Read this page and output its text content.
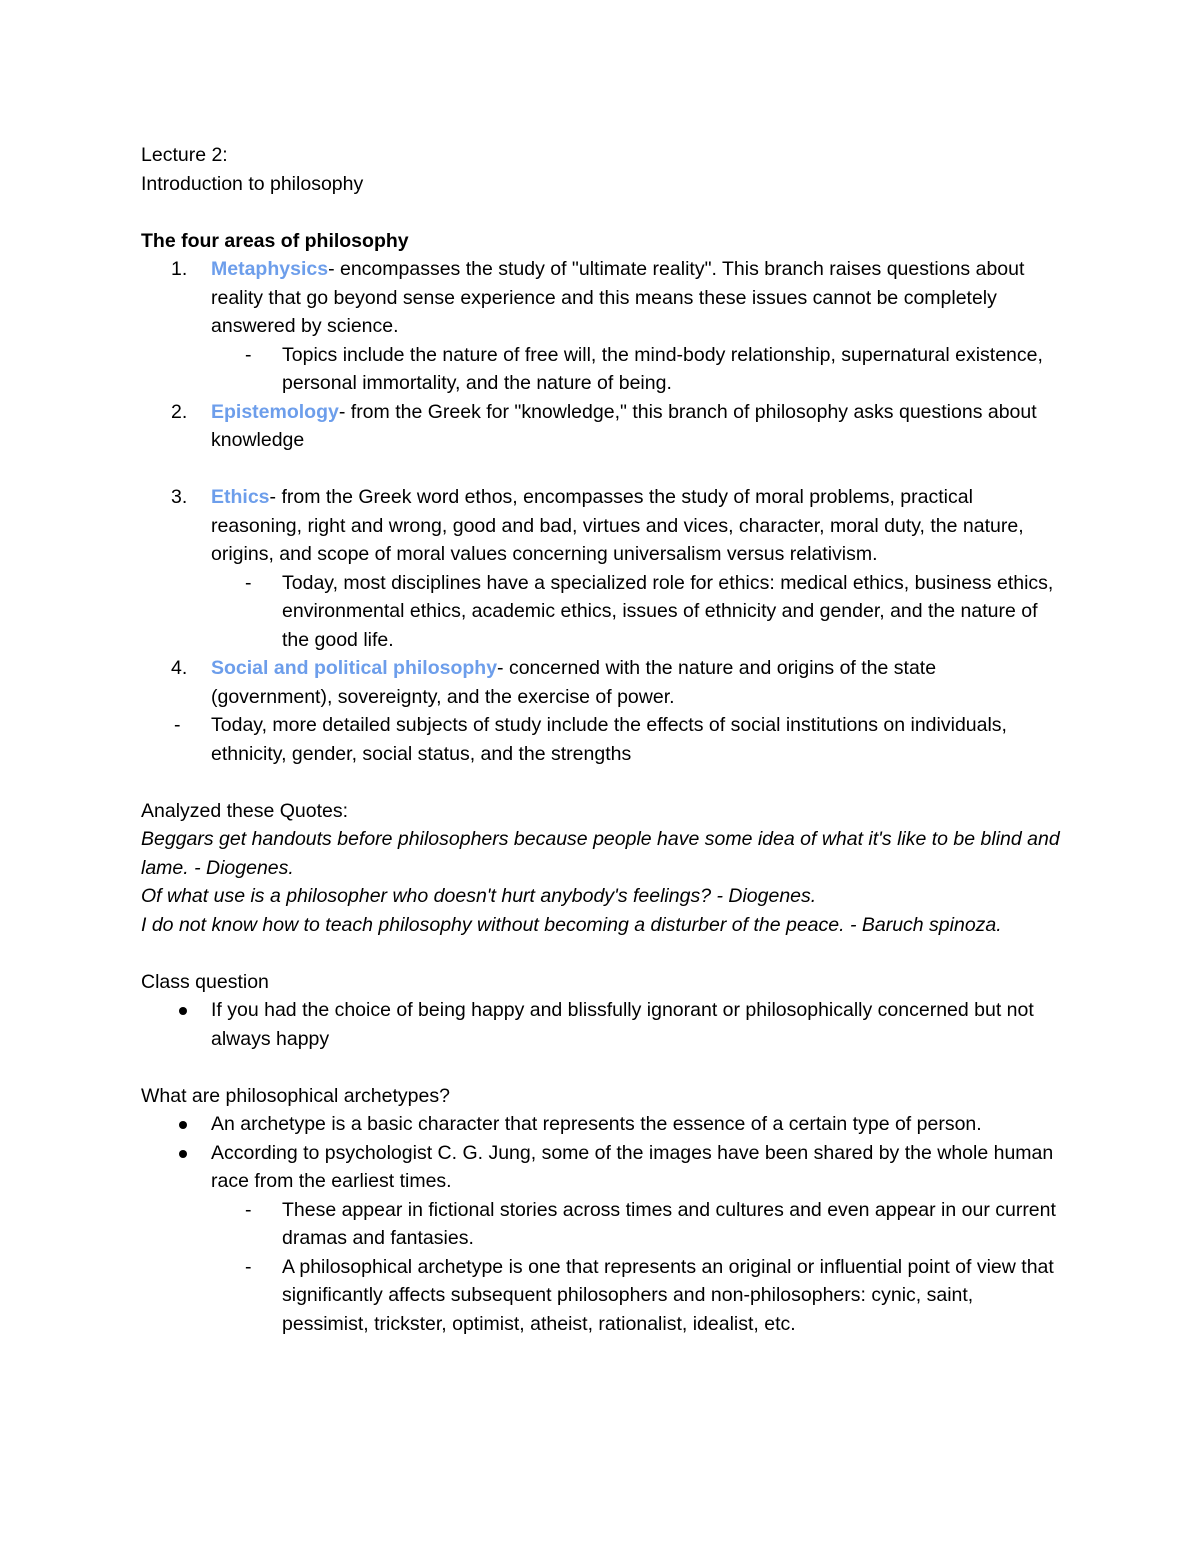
Lecture 2:

Introduction to philosophy

The four areas of philosophy

1. Metaphysics- encompasses the study of "ultimate reality". This branch raises questions about reality that go beyond sense experience and this means these issues cannot be completely answered by science.
- Topics include the nature of free will, the mind-body relationship, supernatural existence, personal immortality, and the nature of being.
2. Epistemology- from the Greek for "knowledge," this branch of philosophy asks questions about knowledge
3. Ethics- from the Greek word ethos, encompasses the study of moral problems, practical reasoning, right and wrong, good and bad, virtues and vices, character, moral duty, the nature, origins, and scope of moral values concerning universalism versus relativism.
- Today, most disciplines have a specialized role for ethics: medical ethics, business ethics, environmental ethics, academic ethics, issues of ethnicity and gender, and the nature of the good life.
4. Social and political philosophy- concerned with the nature and origins of the state (government), sovereignty, and the exercise of power.
- Today, more detailed subjects of study include the effects of social institutions on individuals, ethnicity, gender, social status, and the strengths

Analyzed these Quotes:

Beggars get handouts before philosophers because people have some idea of what it's like to be blind and lame. - Diogenes.

Of what use is a philosopher who doesn't hurt anybody's feelings? - Diogenes.

I do not know how to teach philosophy without becoming a disturber of the peace. - Baruch spinoza.

Class question

If you had the choice of being happy and blissfully ignorant or philosophically concerned but not always happy

What are philosophical archetypes?

An archetype is a basic character that represents the essence of a certain type of person.
According to psychologist C. G. Jung, some of the images have been shared by the whole human race from the earliest times.
- These appear in fictional stories across times and cultures and even appear in our current dramas and fantasies.
- A philosophical archetype is one that represents an original or influential point of view that significantly affects subsequent philosophers and non-philosophers: cynic, saint, pessimist, trickster, optimist, atheist, rationalist, idealist, etc.
